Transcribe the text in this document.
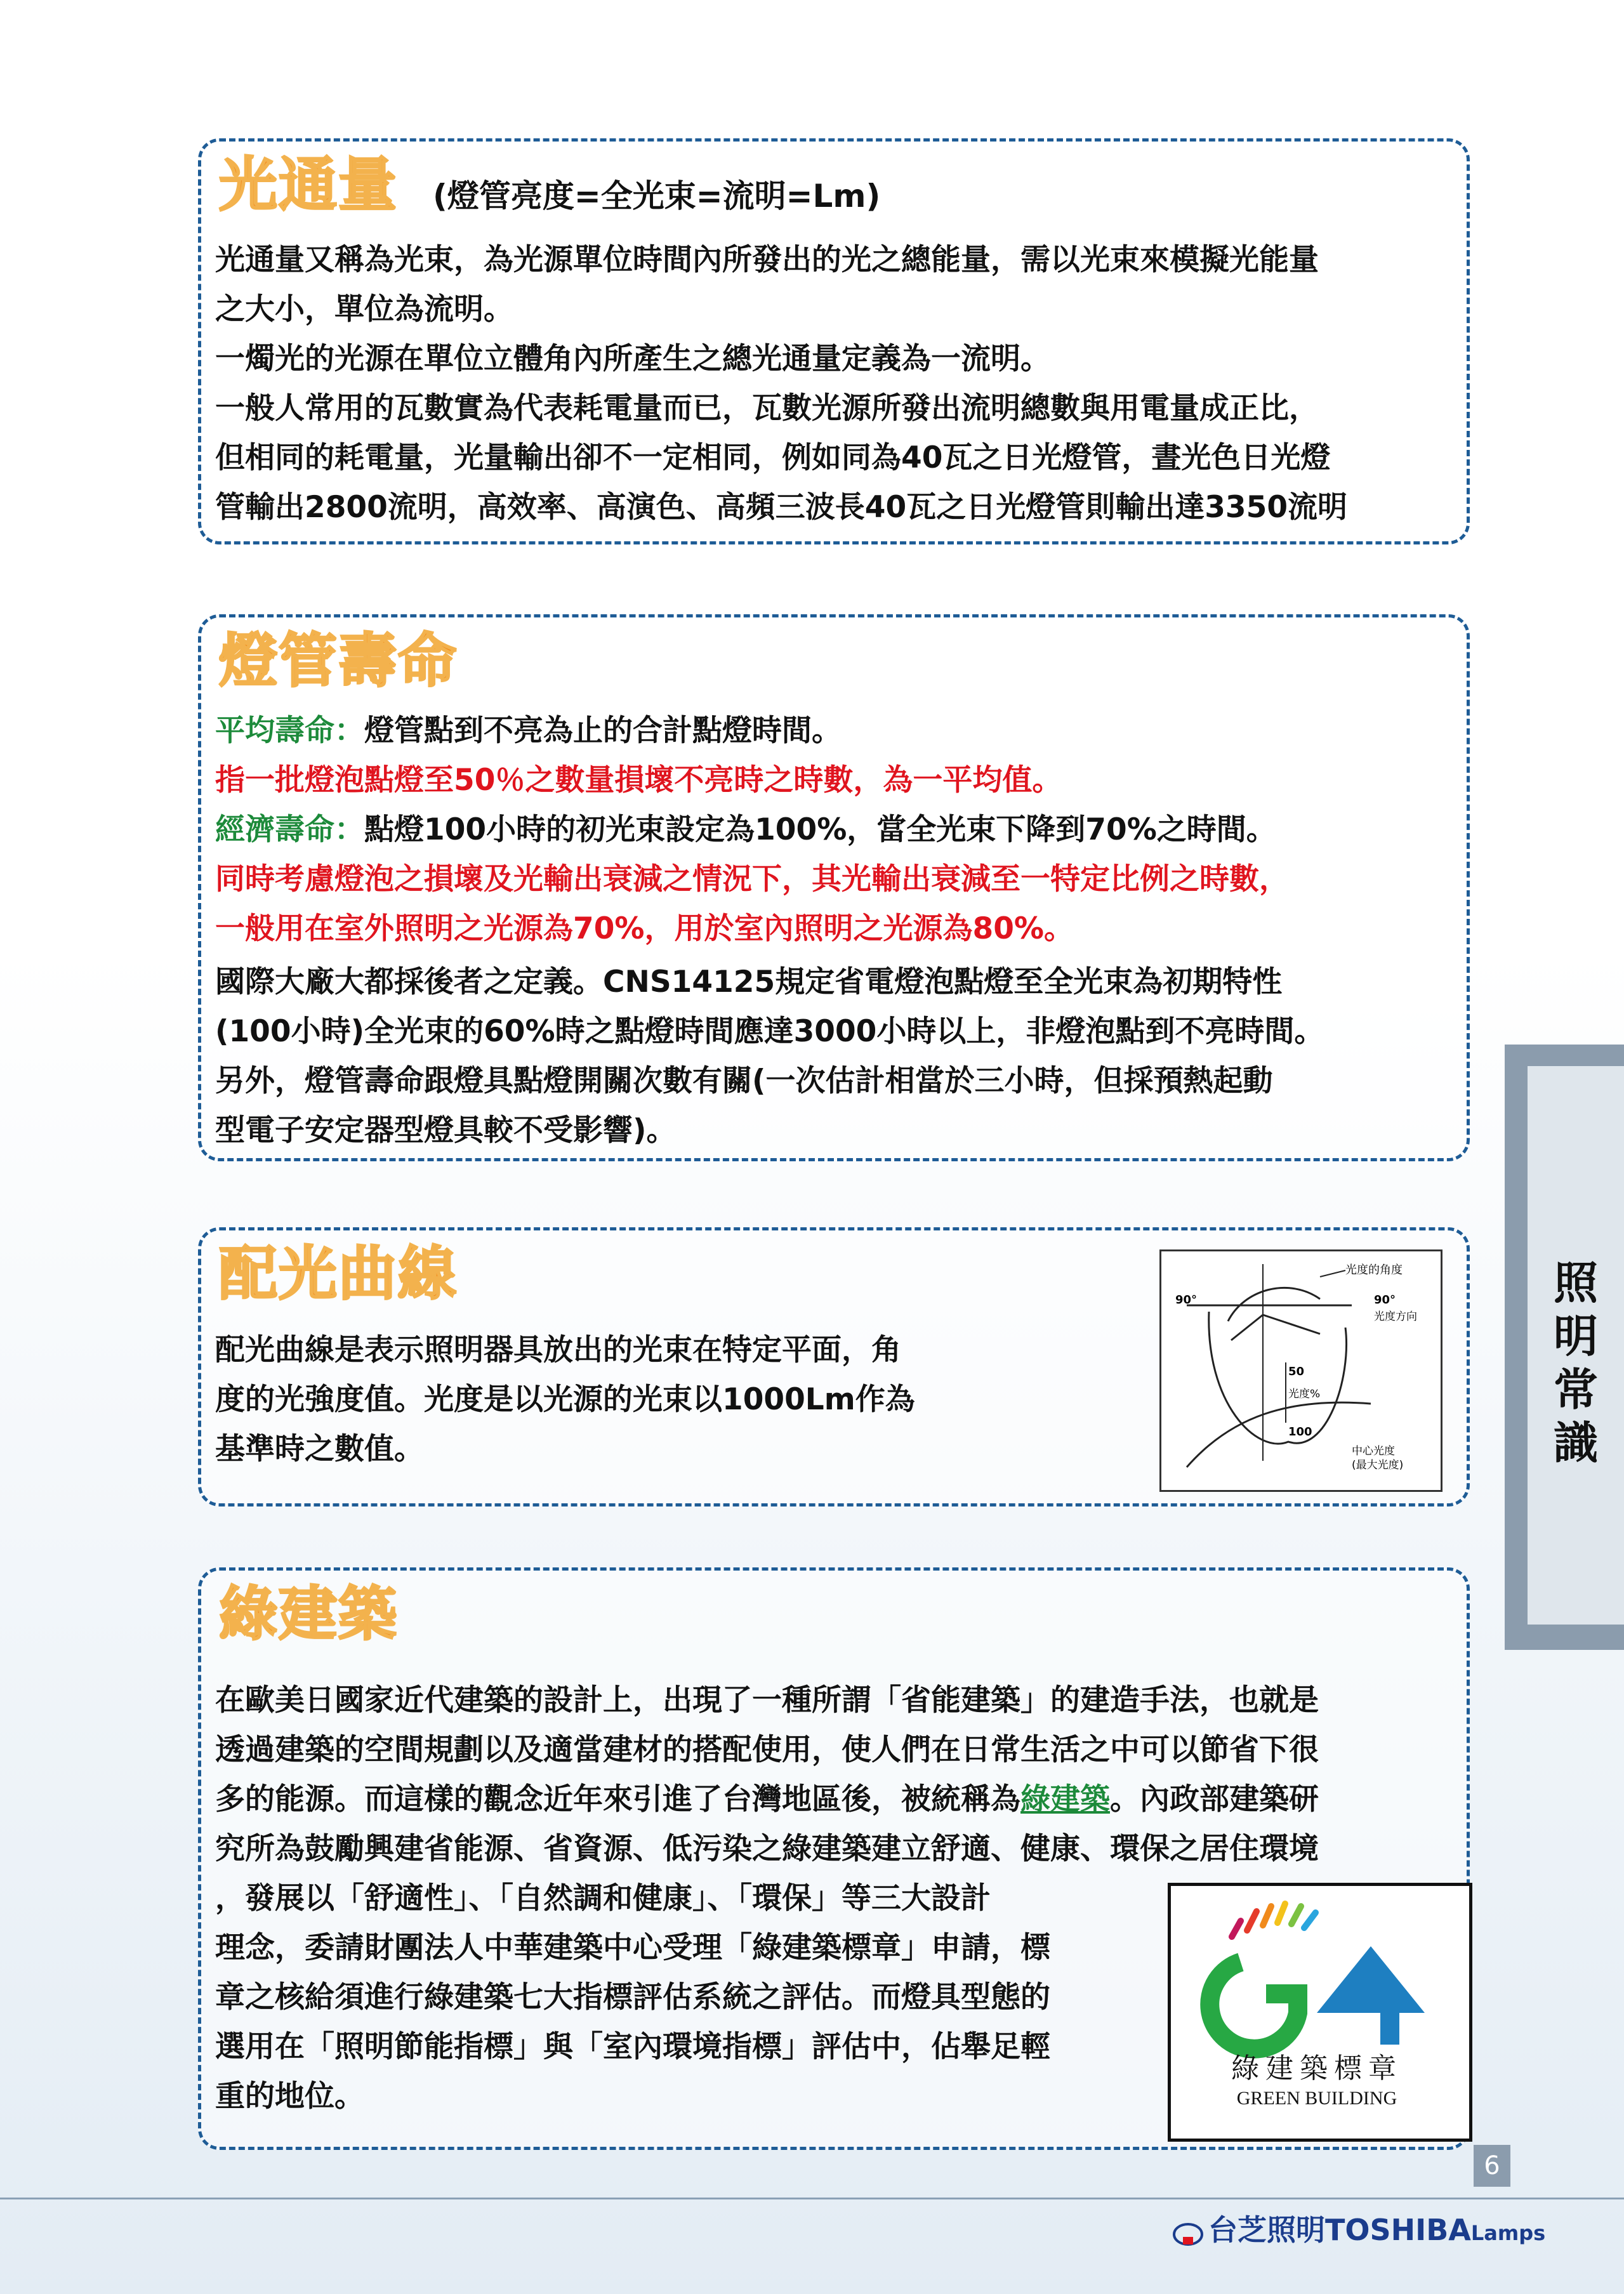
光通量 (燈管亮度=全光束=流明=Lm)
光通量又稱為光束，為光源單位時間內所發出的光之總能量，需以光束來模擬光能量
之大小，單位為流明。
一燭光的光源在單位立體角內所產生之總光通量定義為一流明。
一般人常用的瓦數實為代表耗電量而已，瓦數光源所發出流明總數與用電量成正比，
但相同的耗電量，光量輸出卻不一定相同，例如同為40瓦之日光燈管，晝光色日光燈
管輸出2800流明，高效率、高演色、高頻三波長40瓦之日光燈管則輸出達3350流明
燈管壽命
平均壽命：燈管點到不亮為止的合計點燈時間。
指一批燈泡點燈至50％之數量損壞不亮時之時數，為一平均值。
經濟壽命：點燈100小時的初光束設定為100%，當全光束下降到70%之時間。
同時考慮燈泡之損壞及光輸出衰減之情況下，其光輸出衰減至一特定比例之時數，
一般用在室外照明之光源為70%，用於室內照明之光源為80%。
國際大廠大都採後者之定義。CNS14125規定省電燈泡點燈至全光束為初期特性
(100小時)全光束的60%時之點燈時間應達3000小時以上，非燈泡點到不亮時間。
另外，燈管壽命跟燈具點燈開關次數有關(一次估計相當於三小時，但採預熱起動
型電子安定器型燈具較不受影響)。
配光曲線
配光曲線是表示照明器具放出的光束在特定平面，角
度的光強度值。光度是以光源的光束以1000Lm作為
基準時之數值。
光度的角度
90°	90°
光度方向
50
光度%
100
中心光度
(最大光度)
綠建築
在歐美日國家近代建築的設計上，出現了一種所謂「省能建築」的建造手法，也就是
透過建築的空間規劃以及適當建材的搭配使用，使人們在日常生活之中可以節省下很
多的能源。而這樣的觀念近年來引進了台灣地區後，被統稱為綠建築。內政部建築研
究所為鼓勵興建省能源、省資源、低污染之綠建築建立舒適、健康、環保之居住環境
，發展以「舒適性」、「自然調和健康」、「環保」等三大設計
理念，委請財團法人中華建築中心受理「綠建築標章」申請，標
章之核給須進行綠建築七大指標評估系統之評估。而燈具型態的
選用在「照明節能指標」與「室內環境指標」評估中，佔舉足輕
重的地位。
綠建築標章
GREEN BUILDING
照
明
常
識
6
台芝照明TOSHIBALamps
